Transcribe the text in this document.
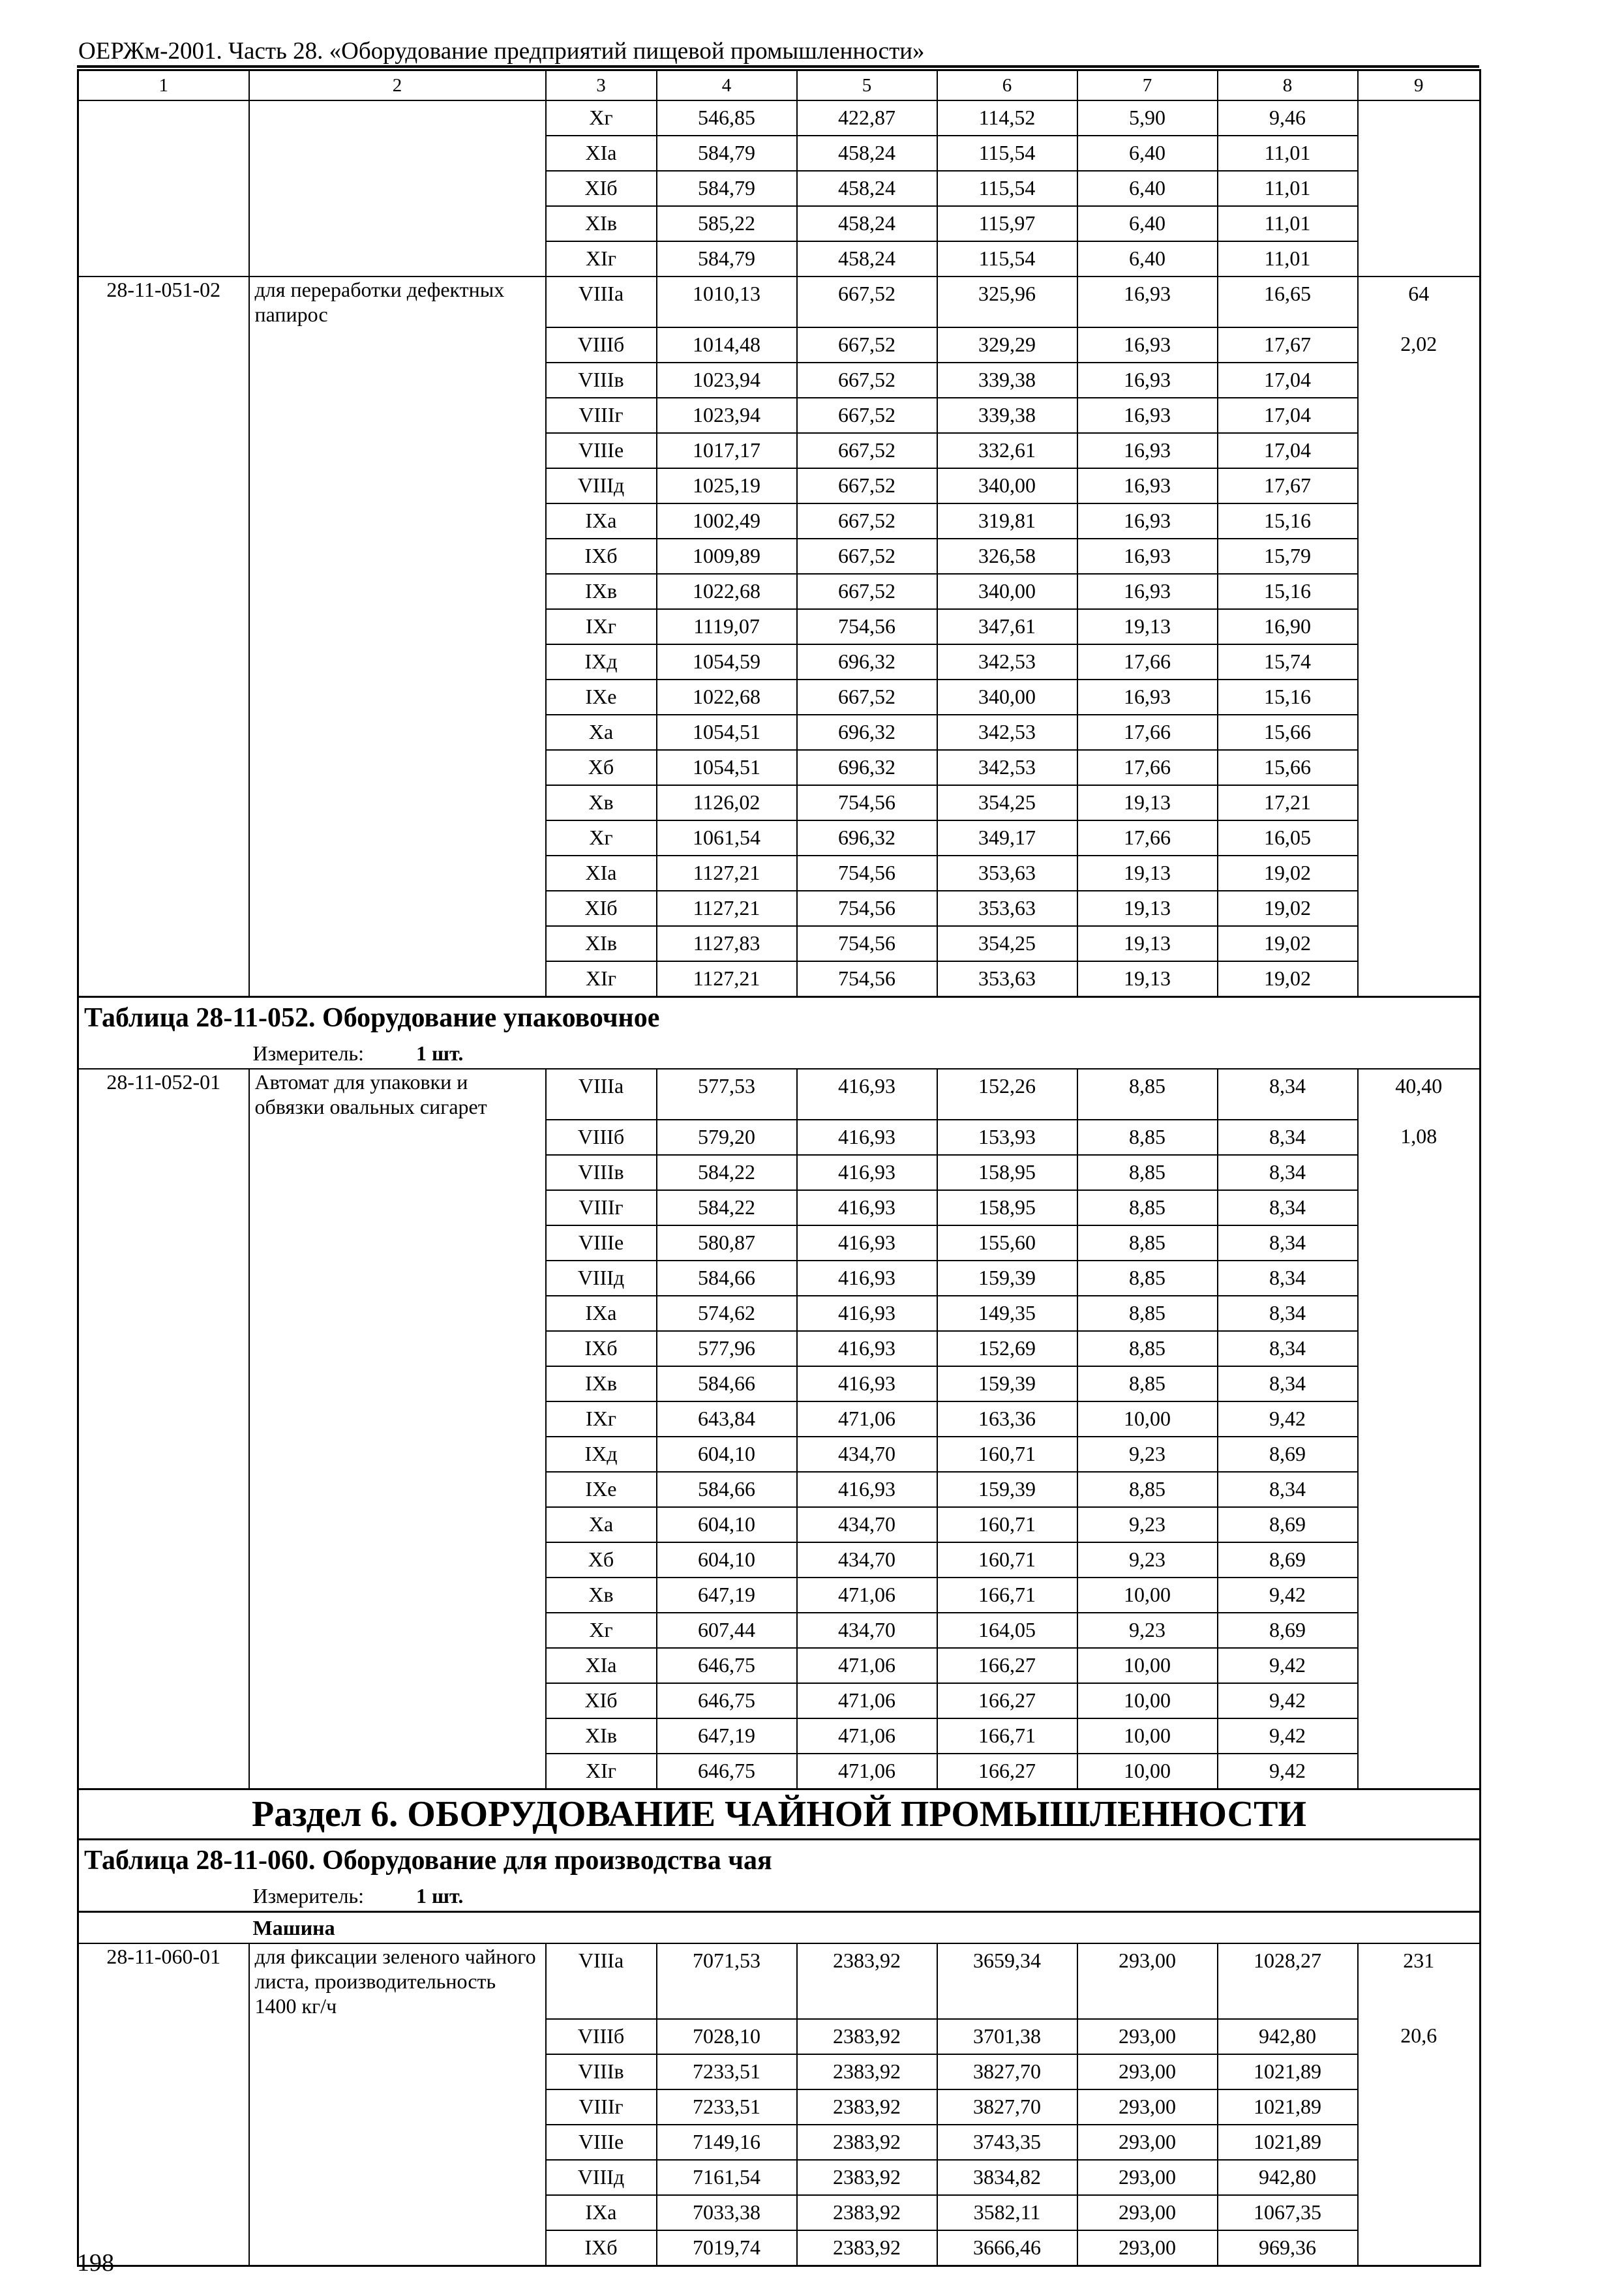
ОЕРЖм-2001. Часть 28. «Оборудование предприятий пищевой промышленности»
1	2	3	4	5	6	7	8	9
		Xг	546,85	422,87	114,52	5,90	9,46	
		XIа	584,79	458,24	115,54	6,40	11,01	
		XIб	584,79	458,24	115,54	6,40	11,01	
		XIв	585,22	458,24	115,97	6,40	11,01	
		XIг	584,79	458,24	115,54	6,40	11,01	
28-11-051-02	для переработки дефектных папирос	VIIIа	1010,13	667,52	325,96	16,93	16,65	64
		VIIIб	1014,48	667,52	329,29	16,93	17,67	2,02
		VIIIв	1023,94	667,52	339,38	16,93	17,04	
		VIIIг	1023,94	667,52	339,38	16,93	17,04	
		VIIIе	1017,17	667,52	332,61	16,93	17,04	
		VIIIд	1025,19	667,52	340,00	16,93	17,67	
		IXа	1002,49	667,52	319,81	16,93	15,16	
		IXб	1009,89	667,52	326,58	16,93	15,79	
		IXв	1022,68	667,52	340,00	16,93	15,16	
		IXг	1119,07	754,56	347,61	19,13	16,90	
		IXд	1054,59	696,32	342,53	17,66	15,74	
		IXе	1022,68	667,52	340,00	16,93	15,16	
		Xа	1054,51	696,32	342,53	17,66	15,66	
		Xб	1054,51	696,32	342,53	17,66	15,66	
		Xв	1126,02	754,56	354,25	19,13	17,21	
		Xг	1061,54	696,32	349,17	17,66	16,05	
		XIа	1127,21	754,56	353,63	19,13	19,02	
		XIб	1127,21	754,56	353,63	19,13	19,02	
		XIв	1127,83	754,56	354,25	19,13	19,02	
		XIг	1127,21	754,56	353,63	19,13	19,02	
Таблица 28-11-052. Оборудование упаковочное								
	Измеритель: 1 шт.							
28-11-052-01	Автомат для упаковки и обвязки овальных сигарет	VIIIа	577,53	416,93	152,26	8,85	8,34	40,40
		VIIIб	579,20	416,93	153,93	8,85	8,34	1,08
		VIIIв	584,22	416,93	158,95	8,85	8,34	
		VIIIг	584,22	416,93	158,95	8,85	8,34	
		VIIIе	580,87	416,93	155,60	8,85	8,34	
		VIIIд	584,66	416,93	159,39	8,85	8,34	
		IXа	574,62	416,93	149,35	8,85	8,34	
		IXб	577,96	416,93	152,69	8,85	8,34	
		IXв	584,66	416,93	159,39	8,85	8,34	
		IXг	643,84	471,06	163,36	10,00	9,42	
		IXд	604,10	434,70	160,71	9,23	8,69	
		IXе	584,66	416,93	159,39	8,85	8,34	
		Xа	604,10	434,70	160,71	9,23	8,69	
		Xб	604,10	434,70	160,71	9,23	8,69	
		Xв	647,19	471,06	166,71	10,00	9,42	
		Xг	607,44	434,70	164,05	9,23	8,69	
		XIа	646,75	471,06	166,27	10,00	9,42	
		XIб	646,75	471,06	166,27	10,00	9,42	
		XIв	647,19	471,06	166,71	10,00	9,42	
		XIг	646,75	471,06	166,27	10,00	9,42	
Раздел 6. ОБОРУДОВАНИЕ ЧАЙНОЙ ПРОМЫШЛЕННОСТИ								
Таблица 28-11-060. Оборудование для производства чая								
	Измеритель: 1 шт.							
	Машина							
28-11-060-01	для фиксации зеленого чайного листа, производительность 1400 кг/ч	VIIIа	7071,53	2383,92	3659,34	293,00	1028,27	231
		VIIIб	7028,10	2383,92	3701,38	293,00	942,80	20,6
		VIIIв	7233,51	2383,92	3827,70	293,00	1021,89	
		VIIIг	7233,51	2383,92	3827,70	293,00	1021,89	
		VIIIе	7149,16	2383,92	3743,35	293,00	1021,89	
		VIIIд	7161,54	2383,92	3834,82	293,00	942,80	
		IXа	7033,38	2383,92	3582,11	293,00	1067,35	
		IXб	7019,74	2383,92	3666,46	293,00	969,36	
198
